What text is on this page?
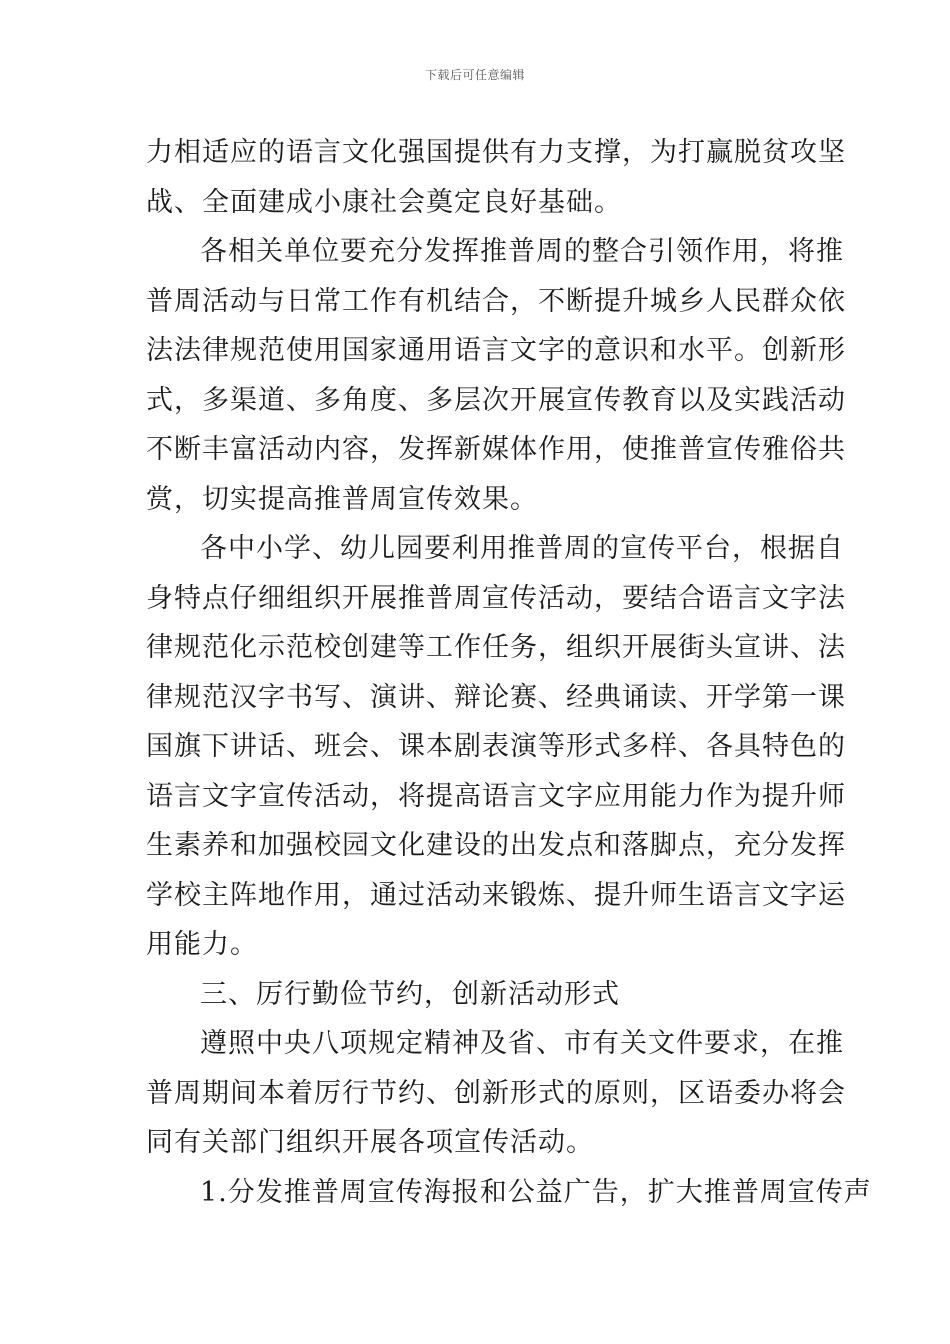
下载后可任意编辑
力相适应的语言文化强国提供有力支撑，为打赢脱贫攻坚
战、全面建成小康社会奠定良好基础。
各相关单位要充分发挥推普周的整合引领作用，将推
普周活动与日常工作有机结合，不断提升城乡人民群众依
法法律规范使用国家通用语言文字的意识和水平。创新形
式，多渠道、多角度、多层次开展宣传教育以及实践活动
不断丰富活动内容，发挥新媒体作用，使推普宣传雅俗共
赏，切实提高推普周宣传效果。
各中小学、幼儿园要利用推普周的宣传平台，根据自
身特点仔细组织开展推普周宣传活动，要结合语言文字法
律规范化示范校创建等工作任务，组织开展街头宣讲、法
律规范汉字书写、演讲、辩论赛、经典诵读、开学第一课
国旗下讲话、班会、课本剧表演等形式多样、各具特色的
语言文字宣传活动，将提高语言文字应用能力作为提升师
生素养和加强校园文化建设的出发点和落脚点，充分发挥
学校主阵地作用，通过活动来锻炼、提升师生语言文字运
用能力。
三、厉行勤俭节约，创新活动形式
遵照中央八项规定精神及省、市有关文件要求，在推
普周期间本着厉行节约、创新形式的原则，区语委办将会
同有关部门组织开展各项宣传活动。
1.分发推普周宣传海报和公益广告，扩大推普周宣传声
